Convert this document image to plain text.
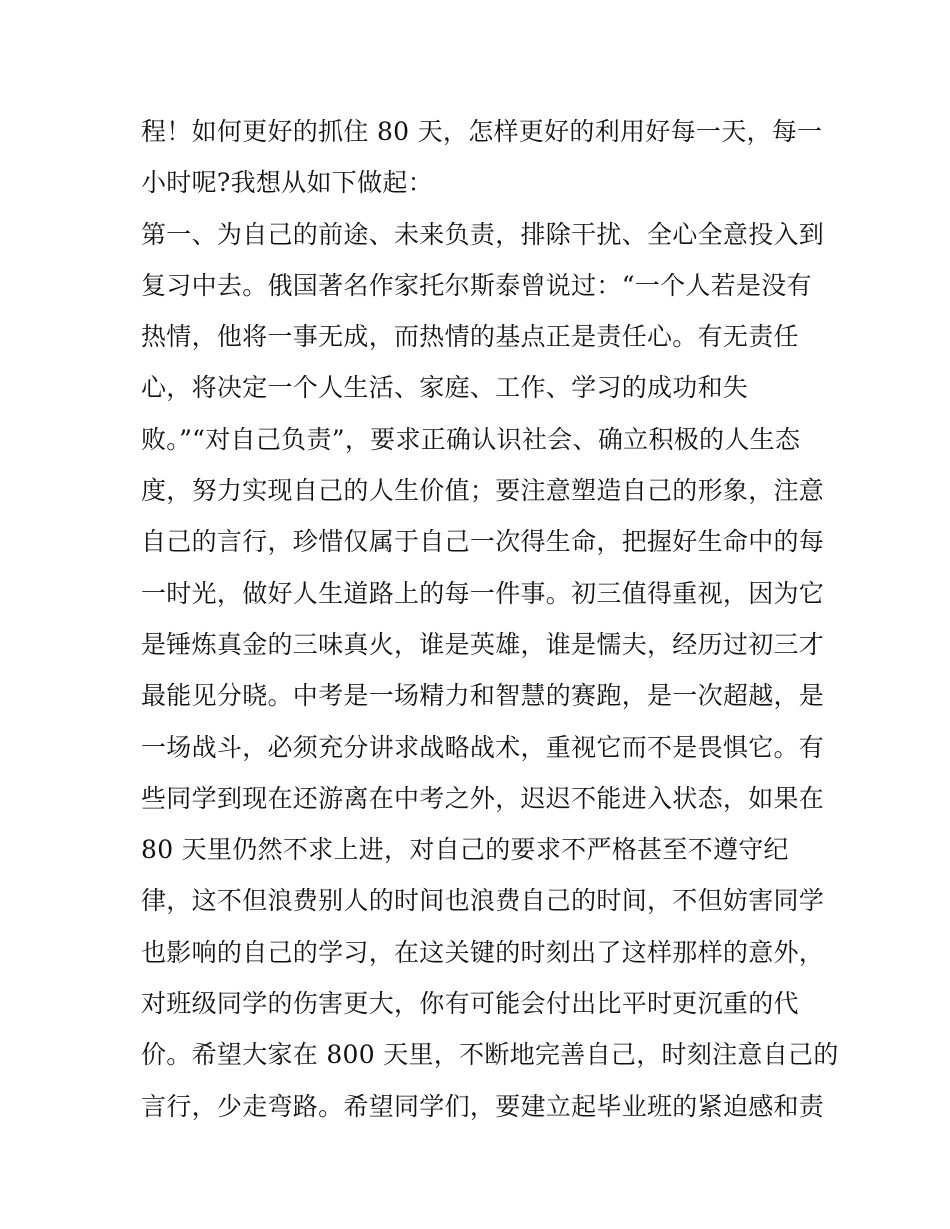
程！如何更好的抓住 80 天，怎样更好的利用好每一天，每一
小时呢?我想从如下做起：
第一、为自己的前途、未来负责，排除干扰、全心全意投入到
复习中去。俄国著名作家托尔斯泰曾说过：“一个人若是没有
热情，他将一事无成，而热情的基点正是责任心。有无责任
心，将决定一个人生活、家庭、工作、学习的成功和失
败。”“对自己负责”，要求正确认识社会、确立积极的人生态
度，努力实现自己的人生价值；要注意塑造自己的形象，注意
自己的言行，珍惜仅属于自己一次得生命，把握好生命中的每
一时光，做好人生道路上的每一件事。初三值得重视，因为它
是锤炼真金的三味真火，谁是英雄，谁是懦夫，经历过初三才
最能见分晓。中考是一场精力和智慧的赛跑，是一次超越，是
一场战斗，必须充分讲求战略战术，重视它而不是畏惧它。有
些同学到现在还游离在中考之外，迟迟不能进入状态，如果在
80 天里仍然不求上进，对自己的要求不严格甚至不遵守纪
律，这不但浪费别人的时间也浪费自己的时间，不但妨害同学
也影响的自己的学习，在这关键的时刻出了这样那样的意外，
对班级同学的伤害更大，你有可能会付出比平时更沉重的代
价。希望大家在 800 天里，不断地完善自己，时刻注意自己的
言行，少走弯路。希望同学们，要建立起毕业班的紧迫感和责
